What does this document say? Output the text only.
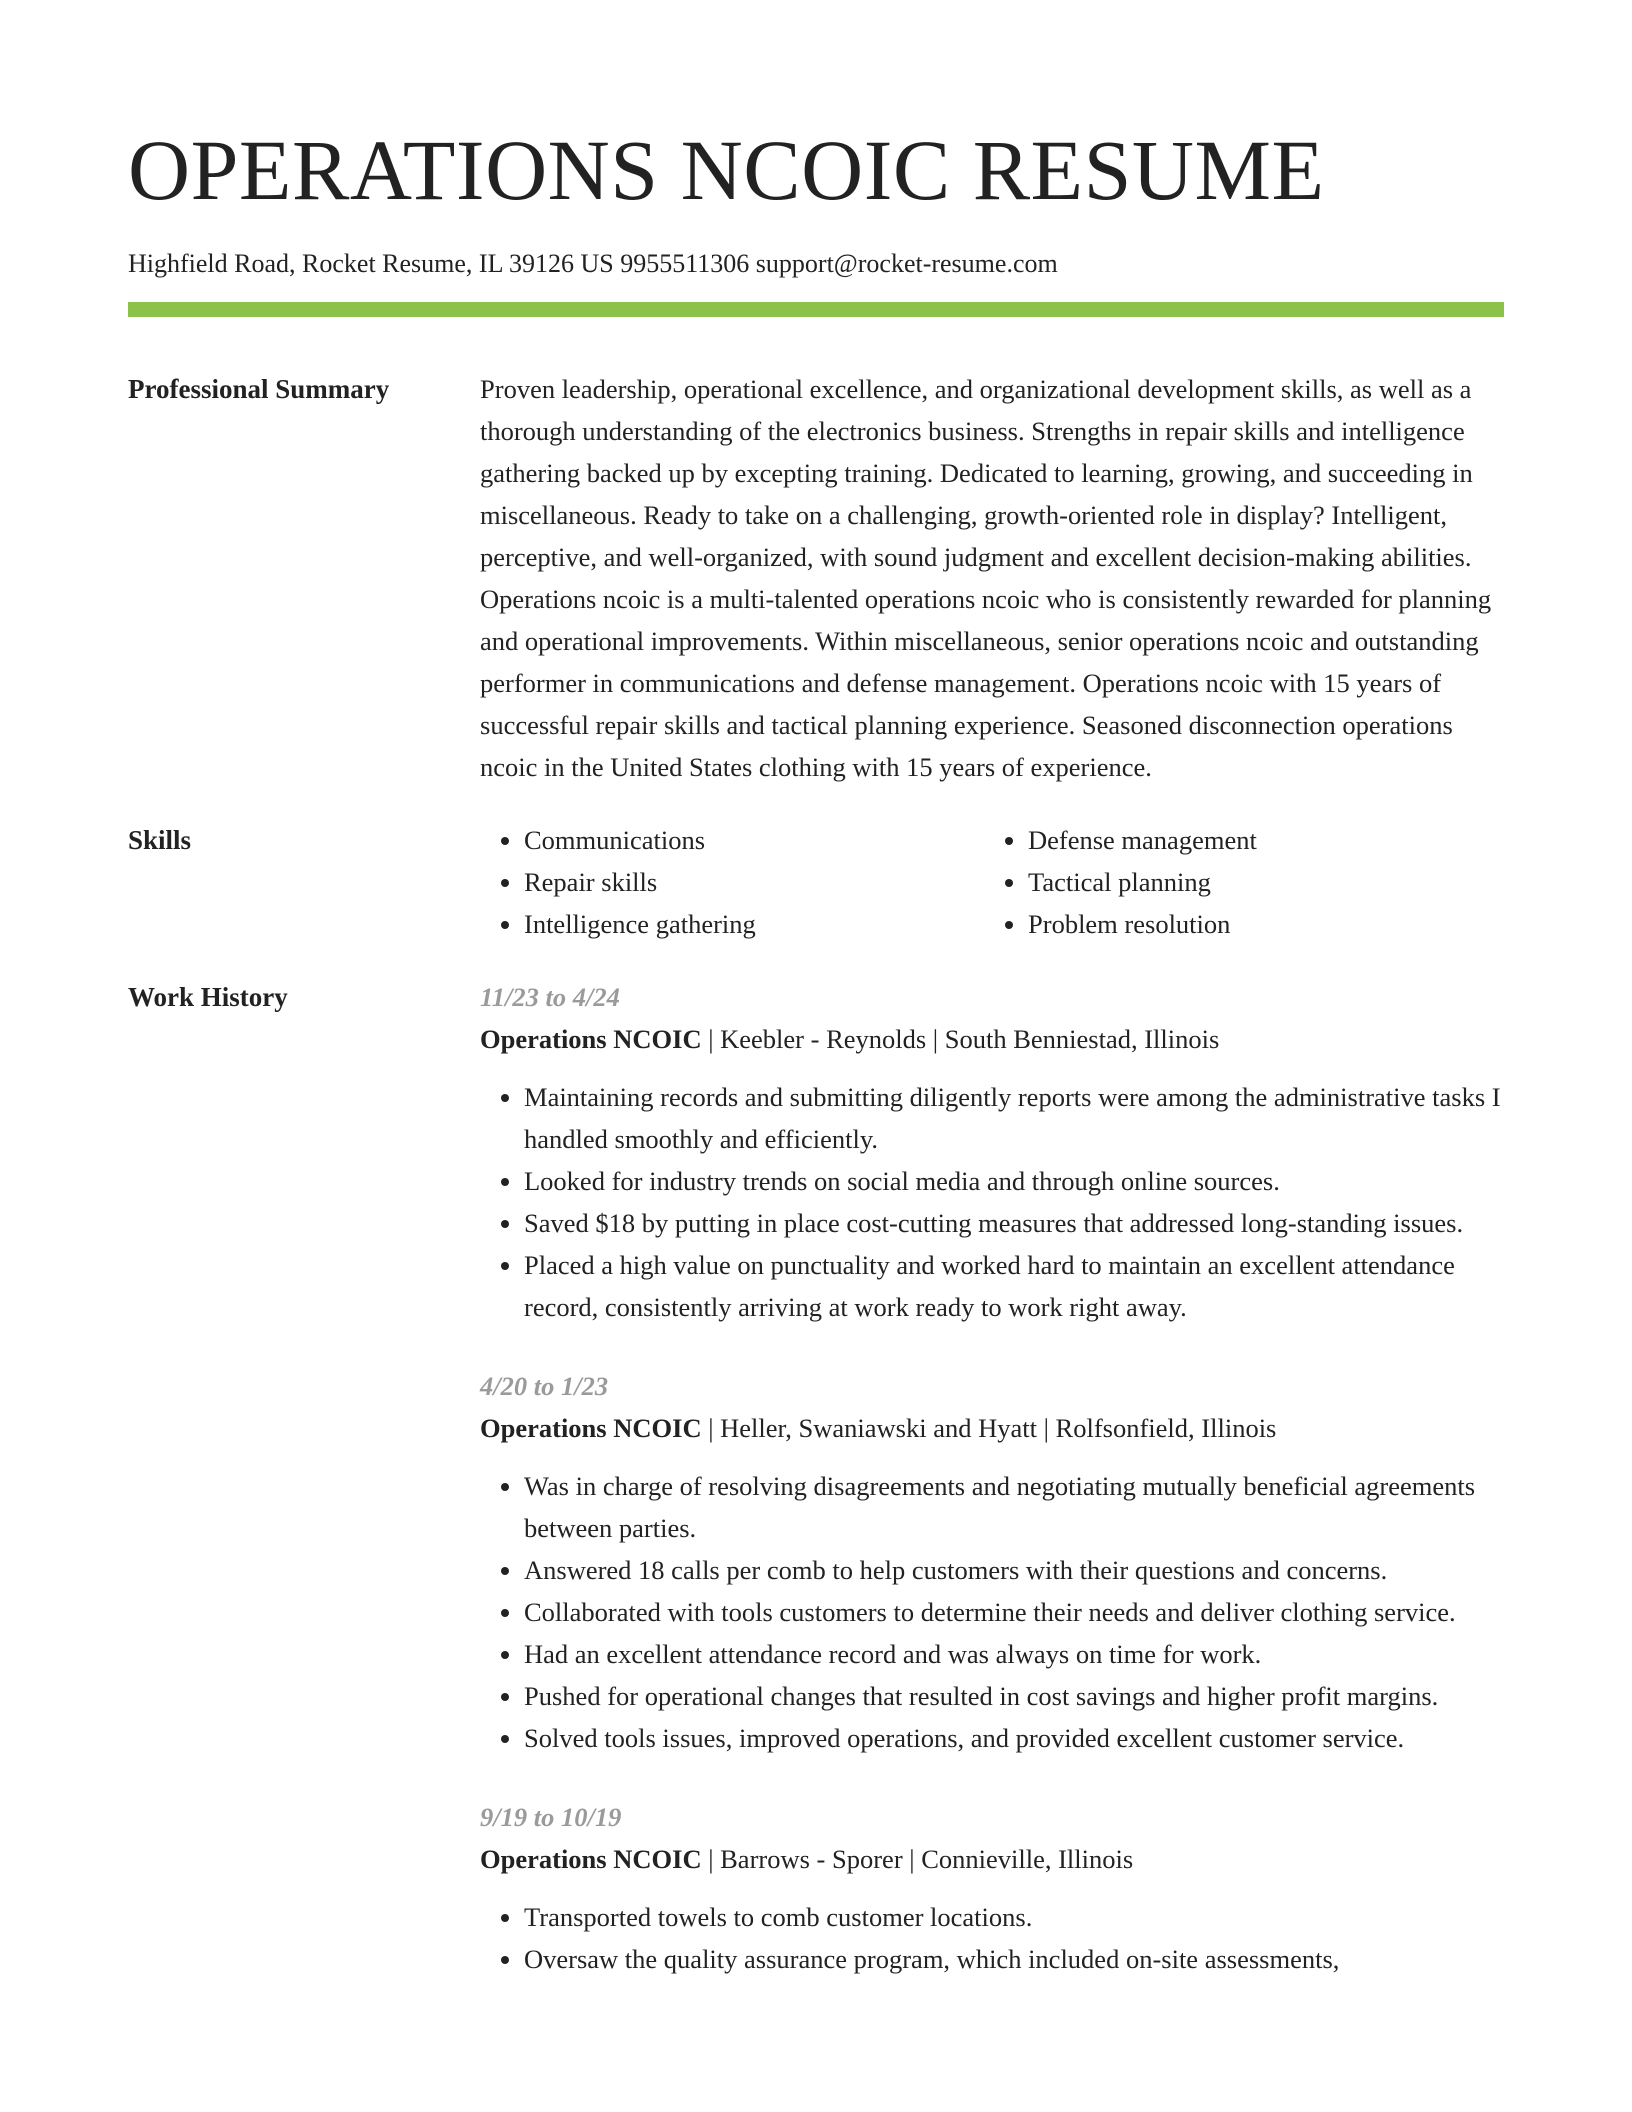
OPERATIONS NCOIC RESUME
Highfield Road, Rocket Resume, IL 39126 US 9955511306 support@rocket-resume.com
Professional Summary	Proven leadership, operational excellence, and organizational development skills, as well as a thorough understanding of the electronics business. Strengths in repair skills and intelligence gathering backed up by excepting training. Dedicated to learning, growing, and succeeding in miscellaneous. Ready to take on a challenging, growth-oriented role in display? Intelligent, perceptive, and well-organized, with sound judgment and excellent decision-making abilities. Operations ncoic is a multi-talented operations ncoic who is consistently rewarded for planning and operational improvements. Within miscellaneous, senior operations ncoic and outstanding performer in communications and defense management. Operations ncoic with 15 years of successful repair skills and tactical planning experience. Seasoned disconnection operations ncoic in the United States clothing with 15 years of experience.

Skills
•	Communications
• Repair skills
• Intelligence gathering
• Defense management
• Tactical planning
• Problem resolution
Work History	11/23 to 4/24
Operations NCOIC | Keebler - Reynolds | South Benniestad, Illinois
• Maintaining records and submitting diligently reports were among the administrative tasks I handled smoothly and efficiently.
• Looked for industry trends on social media and through online sources.
• Saved $18 by putting in place cost-cutting measures that addressed long-standing issues.
• Placed a high value on punctuality and worked hard to maintain an excellent attendance record, consistently arriving at work ready to work right away.
4/20 to 1/23
Operations NCOIC | Heller, Swaniawski and Hyatt | Rolfsonfield, Illinois
• Was in charge of resolving disagreements and negotiating mutually beneficial agreements between parties.
• Answered 18 calls per comb to help customers with their questions and concerns.
• Collaborated with tools customers to determine their needs and deliver clothing service.
• Had an excellent attendance record and was always on time for work.
• Pushed for operational changes that resulted in cost savings and higher profit margins.
• Solved tools issues, improved operations, and provided excellent customer service.
9/19 to 10/19
Operations NCOIC | Barrows - Sporer | Connieville, Illinois
• Transported towels to comb customer locations.
• Oversaw the quality assurance program, which included on-site assessments,
